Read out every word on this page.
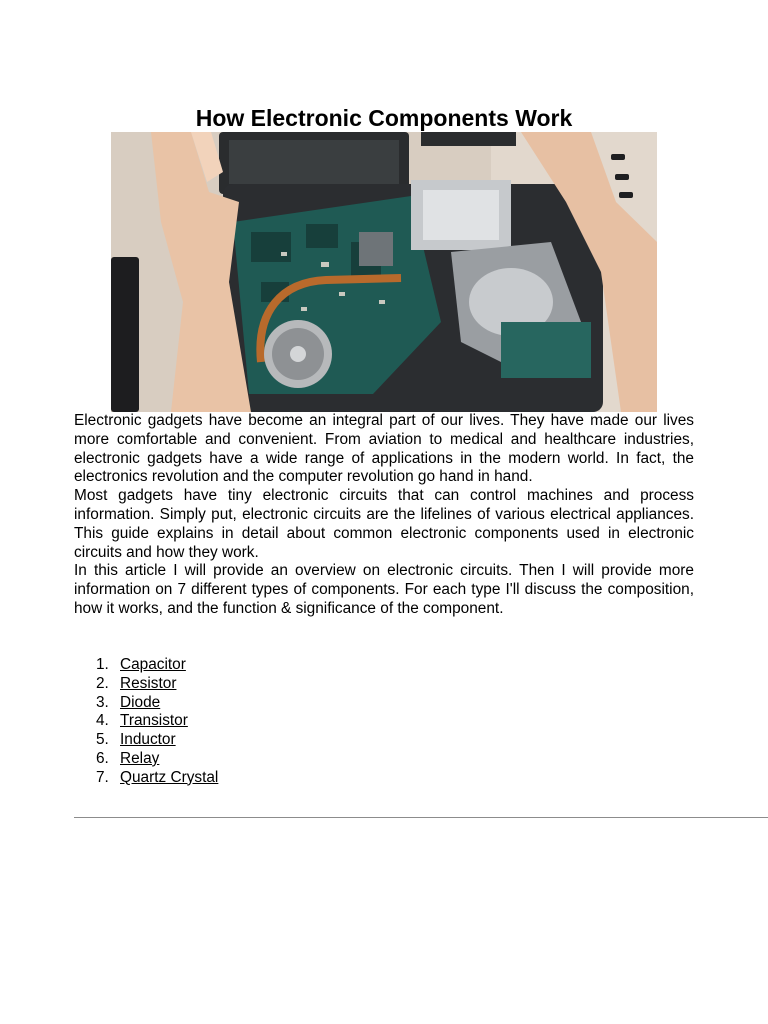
How Electronic Components Work

Electronic gadgets have become an integral part of our lives. They have made our lives more comfortable and convenient. From aviation to medical and healthcare industries, electronic gadgets have a wide range of applications in the modern world. In fact, the electronics revolution and the computer revolution go hand in hand.

Most gadgets have tiny electronic circuits that can control machines and process information. Simply put, electronic circuits are the lifelines of various electrical appliances. This guide explains in detail about common electronic components used in electronic circuits and how they work.

In this article I will provide an overview on electronic circuits. Then I will provide more information on 7 different types of components. For each type I'll discuss the composition, how it works, and the function & significance of the component.

1. Capacitor
2. Resistor
3. Diode
4. Transistor
5. Inductor
6. Relay
7. Quartz Crystal
